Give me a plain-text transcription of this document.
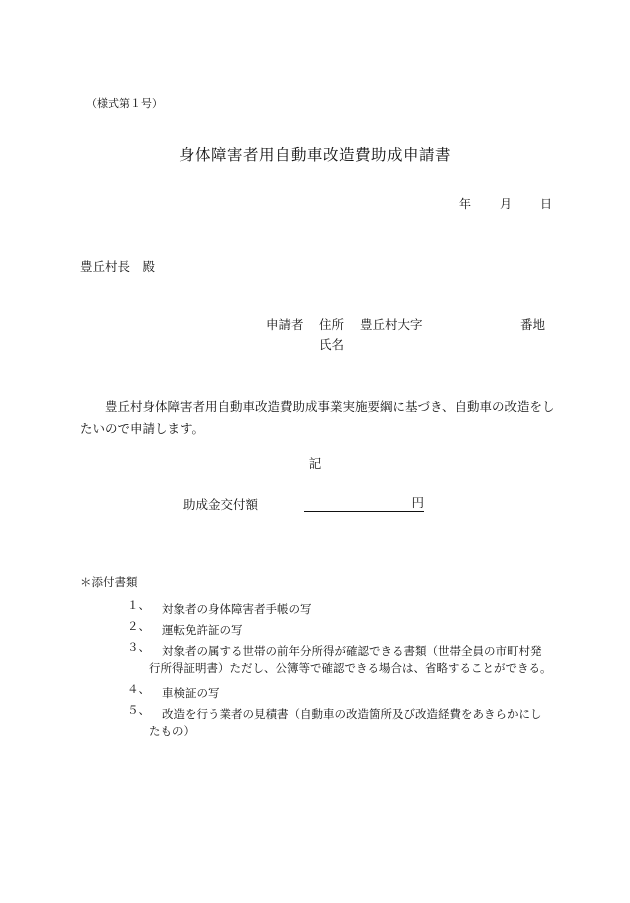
（様式第１号）
身体障害者用自動車改造費助成申請書
年 月 日
豊丘村長　殿
申請者 住所 豊丘村大字	番地
氏名
豊丘村身体障害者用自動車改造費助成事業実施要綱に基づき、自動車の改造をしたいので申請します。
記
助成金交付額	円
＊添付書類
１、 対象者の身体障害者手帳の写
２、 運転免許証の写
３、 対象者の属する世帯の前年分所得が確認できる書類（世帯全員の市町村発
行所得証明書）ただし、公簿等で確認できる場合は、省略することができる。
４、 車検証の写
５、 改造を行う業者の見積書（自動車の改造箇所及び改造経費をあきらかにし
たもの）
